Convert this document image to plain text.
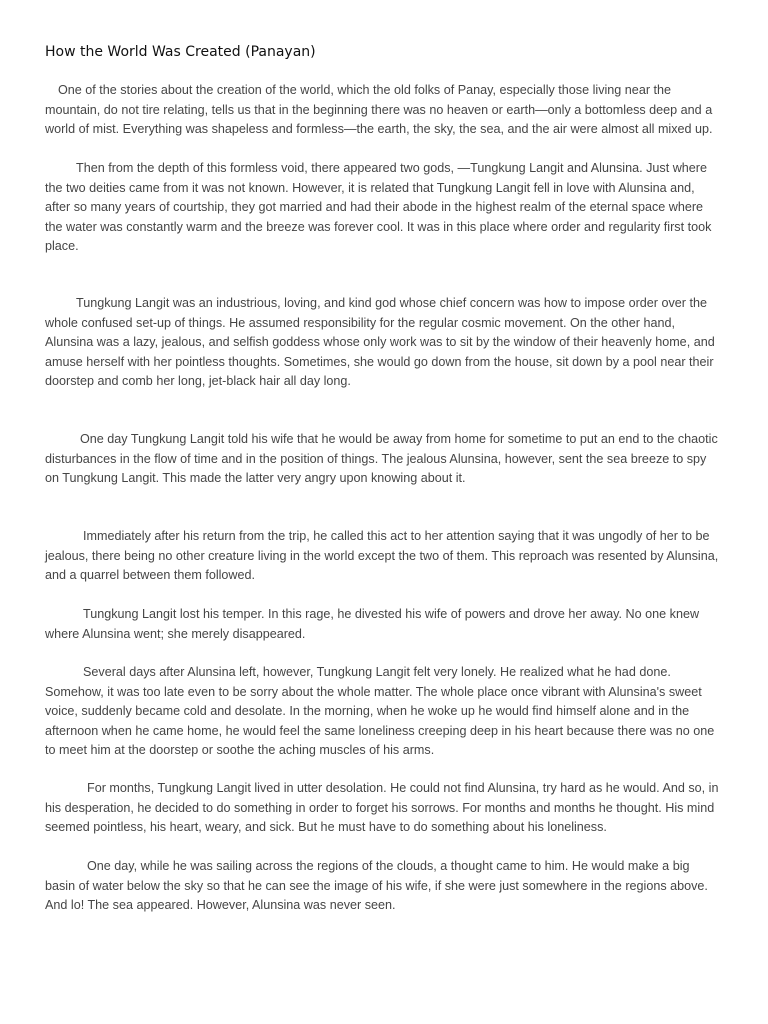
How the World Was Created (Panayan)

One of the stories about the creation of the world, which the old folks of Panay, especially those living near the mountain, do not tire relating, tells us that in the beginning there was no heaven or earth—only a bottomless deep and a world of mist. Everything was shapeless and formless—the earth, the sky, the sea, and the air were almost all mixed up.

Then from the depth of this formless void, there appeared two gods, —Tungkung Langit and Alunsina. Just where the two deities came from it was not known. However, it is related that Tungkung Langit fell in love with Alunsina and, after so many years of courtship, they got married and had their abode in the highest realm of the eternal space where the water was constantly warm and the breeze was forever cool. It was in this place where order and regularity first took place.

Tungkung Langit was an industrious, loving, and kind god whose chief concern was how to impose order over the whole confused set-up of things. He assumed responsibility for the regular cosmic movement. On the other hand, Alunsina was a lazy, jealous, and selfish goddess whose only work was to sit by the window of their heavenly home, and amuse herself with her pointless thoughts. Sometimes, she would go down from the house, sit down by a pool near their doorstep and comb her long, jet-black hair all day long.

One day Tungkung Langit told his wife that he would be away from home for sometime to put an end to the chaotic disturbances in the flow of time and in the position of things. The jealous Alunsina, however, sent the sea breeze to spy on Tungkung Langit. This made the latter very angry upon knowing about it.

Immediately after his return from the trip, he called this act to her attention saying that it was ungodly of her to be jealous, there being no other creature living in the world except the two of them. This reproach was resented by Alunsina, and a quarrel between them followed.

Tungkung Langit lost his temper. In this rage, he divested his wife of powers and drove her away. No one knew where Alunsina went; she merely disappeared.

Several days after Alunsina left, however, Tungkung Langit felt very lonely. He realized what he had done. Somehow, it was too late even to be sorry about the whole matter. The whole place once vibrant with Alunsina's sweet voice, suddenly became cold and desolate. In the morning, when he woke up he would find himself alone and in the afternoon when he came home, he would feel the same loneliness creeping deep in his heart because there was no one to meet him at the doorstep or soothe the aching muscles of his arms.

For months, Tungkung Langit lived in utter desolation. He could not find Alunsina, try hard as he would. And so, in his desperation, he decided to do something in order to forget his sorrows. For months and months he thought. His mind seemed pointless, his heart, weary, and sick. But he must have to do something about his loneliness.

One day, while he was sailing across the regions of the clouds, a thought came to him. He would make a big basin of water below the sky so that he can see the image of his wife, if she were just somewhere in the regions above. And lo! The sea appeared. However, Alunsina was never seen.
